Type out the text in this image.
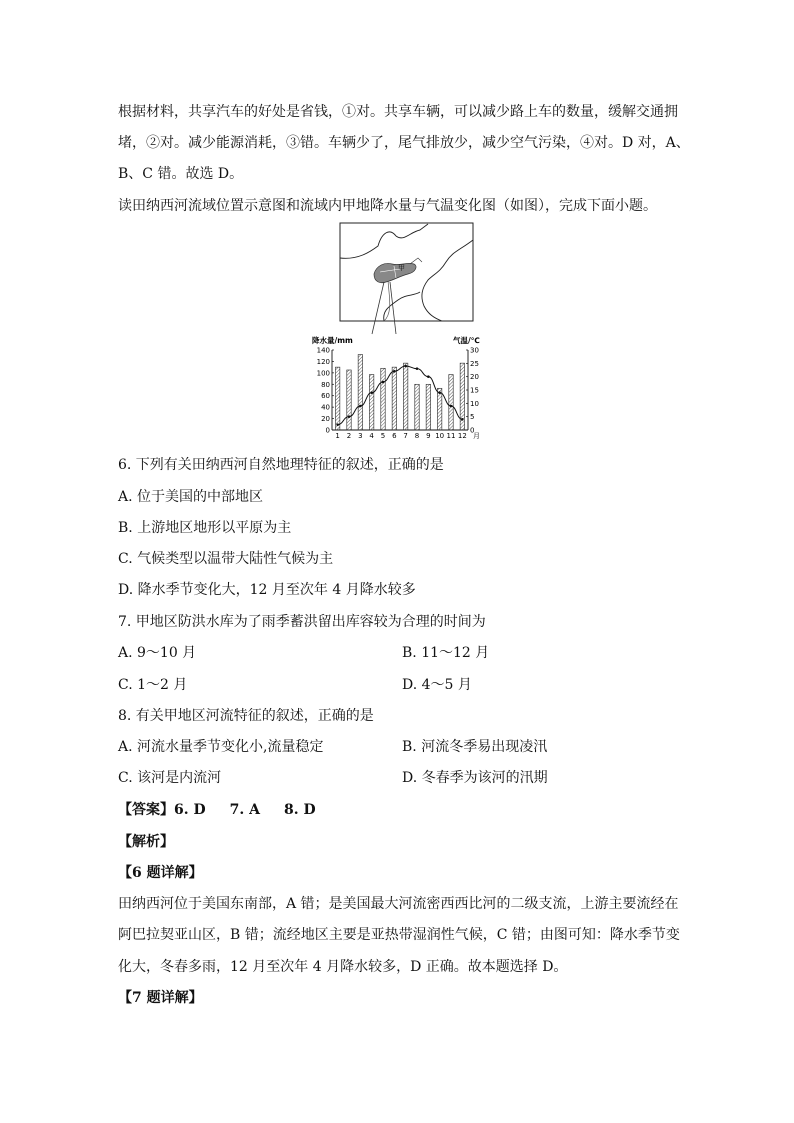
根据材料，共享汽车的好处是省钱，①对。共享车辆，可以减少路上车的数量，缓解交通拥
堵，②对。减少能源消耗，③错。车辆少了，尾气排放少，减少空气污染，④对。D 对，A、
B、C 错。故选 D。
读田纳西河流域位置示意图和流域内甲地降水量与气温变化图（如图），完成下面小题。
甲
降水量/mm	气温/℃
0
20
40
60
80
100
120
140
0
5
10
15
20
25
30
1 2 3 4 5 6 7 8 9 10 11 12 月
6. 下列有关田纳西河自然地理特征的叙述，正确的是
A. 位于美国的中部地区
B. 上游地区地形以平原为主
C. 气候类型以温带大陆性气候为主
D. 降水季节变化大，12 月至次年 4 月降水较多
7. 甲地区防洪水库为了雨季蓄洪留出库容较为合理的时间为
A. 9～10 月	B. 11～12 月
C. 1～2 月	D. 4～5 月
8. 有关甲地区河流特征的叙述，正确的是
A. 河流水量季节变化小,流量稳定	B. 河流冬季易出现凌汛
C. 该河是内流河	D. 冬春季为该河的汛期
【答案】6. D 7. A 8. D
【解析】
【6 题详解】
田纳西河位于美国东南部，A 错；是美国最大河流密西西比河的二级支流，上游主要流经在
阿巴拉契亚山区，B 错；流经地区主要是亚热带湿润性气候，C 错；由图可知：降水季节变
化大，冬春多雨，12 月至次年 4 月降水较多，D 正确。故本题选择 D。
【7 题详解】
